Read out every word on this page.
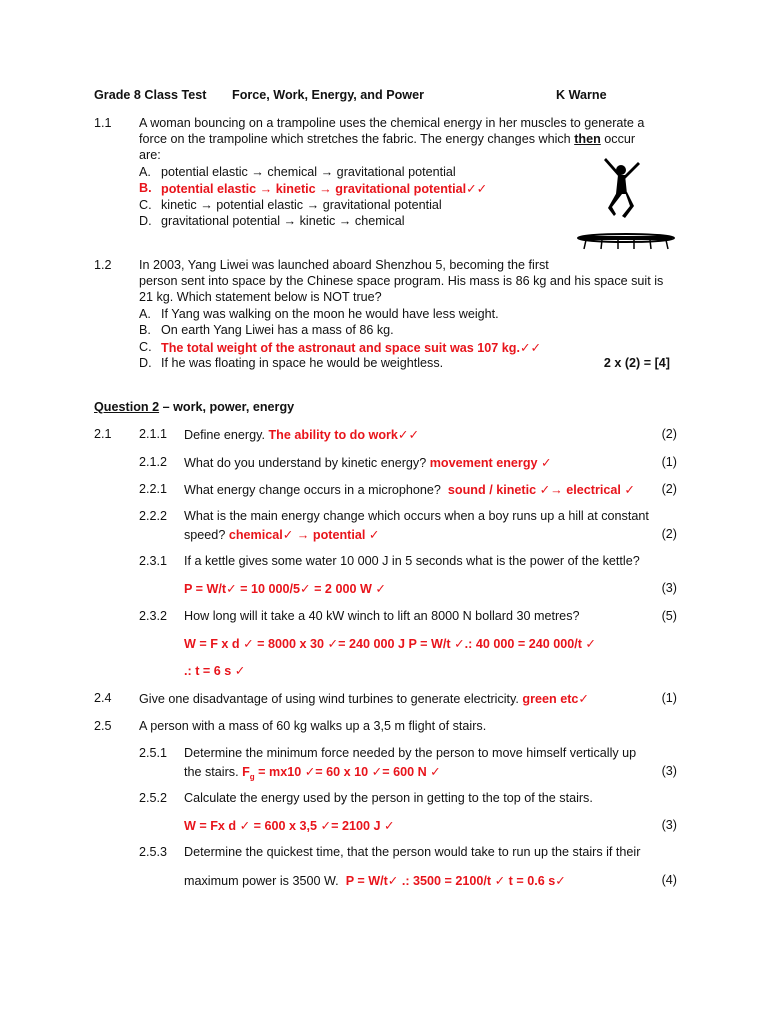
Grade 8 Class Test Force, Work, Energy, and Power	K Warne
1.1 A woman bouncing on a trampoline uses the chemical energy in her muscles to generate a
force on the trampoline which stretches the fabric. The energy changes which then occur
are:
A. potential elastic → chemical → gravitational potential
B. potential elastic → kinetic → gravitational potential✓✓
C. kinetic → potential elastic → gravitational potential
D. gravitational potential → kinetic → chemical
1.2 In 2003, Yang Liwei was launched aboard Shenzhou 5, becoming the first
person sent into space by the Chinese space program. His mass is 86 kg and his space suit is
21 kg. Which statement below is NOT true?
A. If Yang was walking on the moon he would have less weight.
B. On earth Yang Liwei has a mass of 86 kg.
C. The total weight of the astronaut and space suit was 107 kg.✓✓
D. If he was floating in space he would be weightless.	2 x (2) = [4]
Question 2 – work, power, energy
2.1 2.1.1 Define energy. The ability to do work✓✓	(2)
2.1.2 What do you understand by kinetic energy? movement energy ✓	(1)
2.2.1 What energy change occurs in a microphone? sound / kinetic ✓→ electrical ✓	(2)
2.2.2 What is the main energy change which occurs when a boy runs up a hill at constant
speed? chemical✓ → potential ✓	(2)
2.3.1 If a kettle gives some water 10 000 J in 5 seconds what is the power of the kettle?
P = W/t✓ = 10 000/5✓ = 2 000 W ✓	(3)
2.3.2 How long will it take a 40 kW winch to lift an 8000 N bollard 30 metres?	(5)
W = F x d ✓ = 8000 x 30 ✓= 240 000 J P = W/t ✓.: 40 000 = 240 000/t ✓
.: t = 6 s ✓
2.4 Give one disadvantage of using wind turbines to generate electricity. green etc✓	(1)
2.5 A person with a mass of 60 kg walks up a 3,5 m flight of stairs.
2.5.1 Determine the minimum force needed by the person to move himself vertically up
the stairs. $F_g = mx10$ ✓= 60 x 10 ✓= 600 N ✓	(3)
2.5.2 Calculate the energy used by the person in getting to the top of the stairs.
W = Fx d ✓ = 600 x 3,5 ✓= 2100 J ✓	(3)
2.5.3 Determine the quickest time, that the person would take to run up the stairs if their
maximum power is 3500 W. P = W/t✓ .: 3500 = 2100/t ✓ t = 0.6 s✓	(4)
